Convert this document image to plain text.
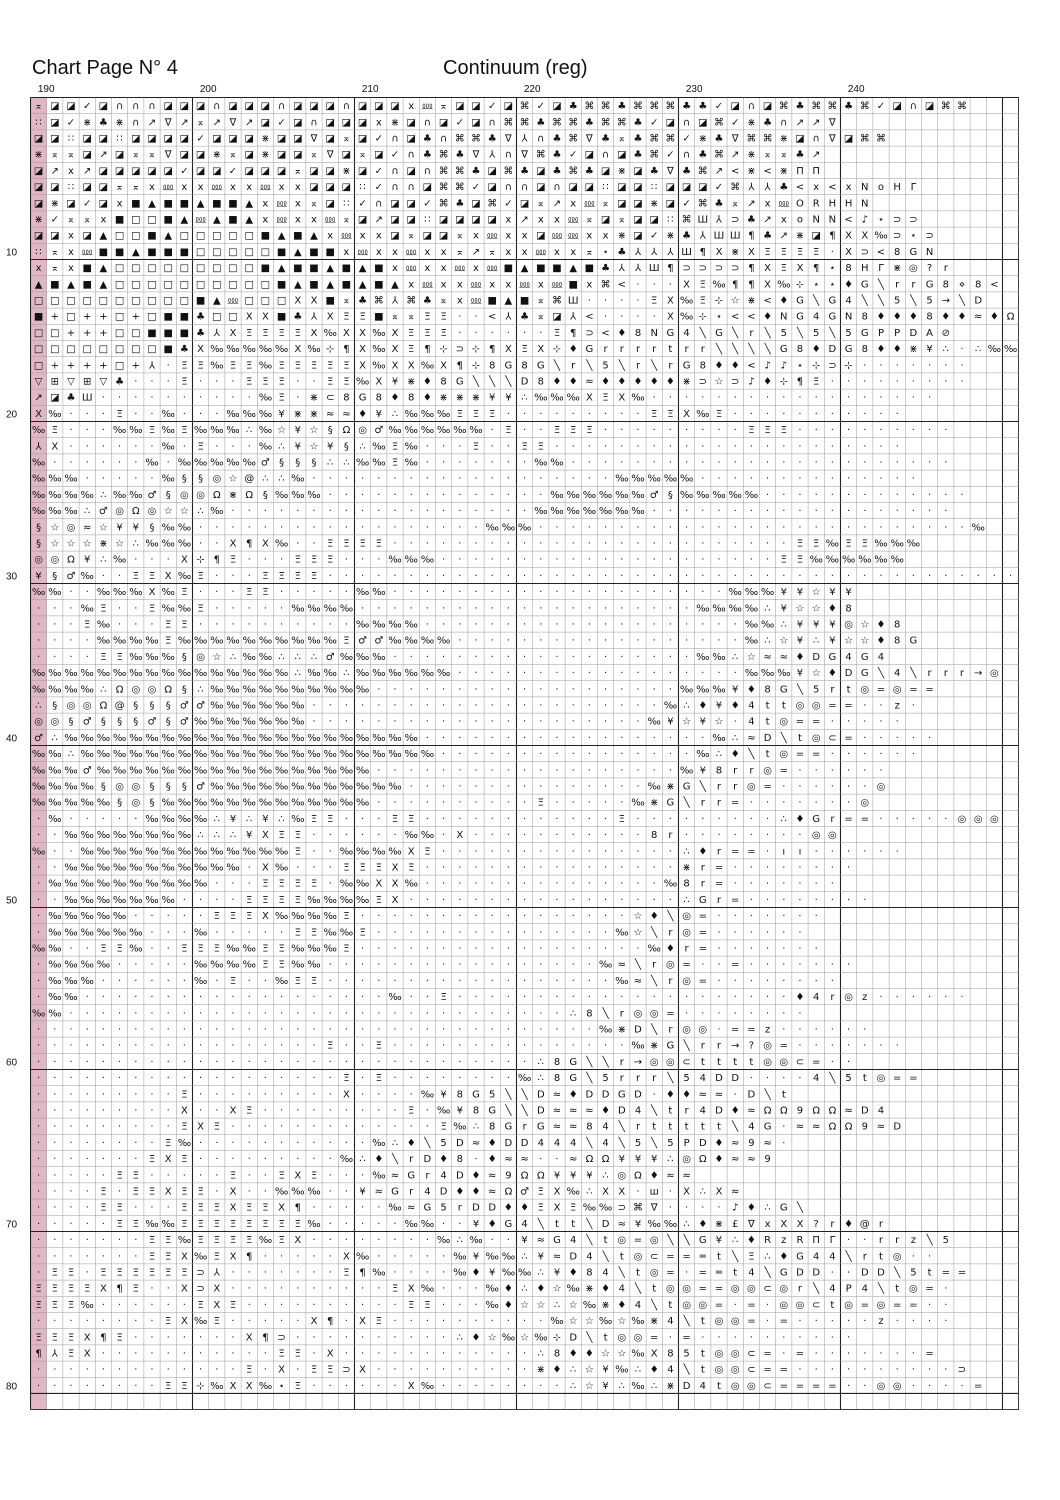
Chart Page N° 4	Continuum (reg)
190	200	210	220	230	240
10
20
30
40
50
60
70
80
⌅ ◪ ◪ ✓ ◪ ∩ ∩ ∩ ◪ ◪ ◪ ∩ ◪ ◪ ◪ ∩ ◪ ◪ ◪ ∩ ◪ ◪ ◪ ⅹ ⅏ ⌅ ◪ ◪ ✓ ◪ ⌘ ✓ ◪ ♣ ⌘ ⌘ ♣ ⌘ ⌘ ⌘ ♣ ♣ ✓ ◪ ∩ ◪ ⌘ ♣ ⌘ ⌘ ♣ ⌘ ✓ ◪ ∩ ◪ ⌘ ⌘
∷ ◪ ✓ ⋇ ♣ ⋇ ∩ ↗ ∇ ↗ ⌅ ↗ ∇ ↗ ◪ ✓ ◪ ∩ ◪ ◪ ◪ ⅹ ⋇ ◪ ∩ ◪ ✓ ◪ ∩ ⌘ ⌘ ♣ ⌘ ⌘ ♣ ⌘ ⌘ ♣ ✓ ◪ ∩ ◪ ⌘ ✓ ⋇ ♣ ∩ ↗ ↗ ∇
◪ ◪ ∷ ◪ ◪ ∷ ◪ ◪ ◪ ◪ ✓ ◪ ◪ ◪ ⋇ ◪ ◪ ∇ ◪ ⌅ ◪ ✓ ∩ ◪ ♣ ∩ ⌘ ⌘ ♣ ∇ ⅄ ∩ ♣ ⌘ ∇ ♣ ⌅ ♣ ⌘ ⌘ ✓ ⋇ ♣ ∇ ⌘ ⌘ ⋇ ◪ ∩ ∇ ◪ ⌘ ⌘
⋇ ⌅ ⌅ ◪ ↗ ◪ ⌅ ⌅ ∇ ◪ ◪ ⋇ ⌅ ◪ ⋇ ◪ ◪ ⌅ ∇ ◪ ⌅ ◪ ✓ ∩ ♣ ⌘ ♣ ∇ ⅄ ∩ ∇ ⌘ ♣ ✓ ◪ ∩ ◪ ♣ ⌘ ✓ ∩ ♣ ⌘ ↗ ⋇ ⌅ ⌅ ♣ ↗
◪ ↗ ⅹ ↗ ◪ ◪ ◪ ◪ ◪ ✓ ◪ ◪ ✓ ◪ ◪ ◪ ⌅ ◪ ◪ ⋇ ◪ ✓ ∩ ◪ ∩ ⌘ ⌘ ♣ ◪ ⌘ ♣ ◪ ♣ ⌘ ♣ ◪ ⋇ ◪ ♣ ∇ ♣ ⌘ ↗ < ⋇ < ⋇ П П
◪ ◪ ∷ ◪ ◪ ⌅ ⌅ ⅹ ⅏ ⅹ ⅹ ⅏ ⅹ ⅹ ⅏ ⅹ ⅹ ◪ ◪ ◪ ∷ ✓ ∩ ∩ ◪ ⌘ ⌘ ✓ ◪ ∩ ∩ ◪ ∩ ◪ ◪ ∷ ◪ ◪ ∷ ◪ ◪ ◪ ✓ ⌘ ⅄ ⅄ ♣ < ⅹ < ⅹ N ο H Γ
◪ ⋇ ◪ ✓ ◪ ⅹ ■ ▲ ■ ■ ▲ ■ ■ ▲ ⅹ ⅏ ⅹ ⌅ ◪ ∷ ✓ ∩ ◪ ◪ ✓ ⌘ ♣ ◪ ⌘ ✓ ◪ ⌅ ↗ ⅹ ⅏ ⌅ ◪ ◪ ⋇ ◪ ✓ ⌘ ♣ ⌅ ↗ ⅹ ⅏ O R H H N
⋇ ✓ ⌅ ⌅ ⅹ ■ □ □ ■ ▲ ⅏ ▲ ■ ▲ ⅹ ⅏ ⅹ ⅹ ⅏ ⌅ ◪ ↗ ◪ ◪ ∷ ◪ ◪ ◪ ◪ ⅹ ↗ ⅹ ⅹ ⅏ ⌅ ◪ ⌅ ◪ ◪ ∷ ⌘ Ш ⅄ ⊃ ♣ ↗ ⅹ ο N N < ♪ ⋆ ⊃ ⊃
◪ ◪ ⅹ ◪ ▲ □ □ ■ ▲ □ □ □ □ □ ■ ▲ ■ ▲ ⅹ ⅏ ⅹ ⅹ ◪ ⌅ ◪ ◪ ⌅ ⅹ ⅏ ⅹ ⅹ ◪ ⅏ ⅏ ⅹ ⅹ ⋇ ◪ ✓ ⋇ ♣ ⅄ Ш Ш ¶ ♣ ↗ ⋇ ◪ ¶ Ⅹ Ⅹ ‰ ⊃ ⋆ ⊃
∷ ⌅ ⅹ ⅏ ■ ■ ▲ ■ ■ ■ □ □ □ □ □ ■ ▲ ■ ■ ⅹ ⅏ ⅹ ⅹ ⅏ ⅹ ⅹ ⌅ ↗ ⌅ ⅹ ⅹ ⅏ ⅹ ⅹ ⌅ ⋆ ♣ ⅄ ⅄ ⅄ Ш ¶ Ⅹ ⋇ Ⅹ Ξ Ξ Ξ Ξ · Ⅹ ⊃ < 8 G N
ⅹ ⌅ ⅹ ■ ▲ □ □ □ □ □ □ □ □ □ ■ ▲ ■ ■ ▲ ■ ▲ ■ ⅹ ⅏ ⅹ ⅹ ⅏ ⅹ ⅏ ■ ▲ ■ ■ ▲ ■ ♣ ⅄ ⅄ Ш ¶ ⊃ ⊃ ⊃ ⊃ ¶ Ⅹ Ξ Ⅹ ¶ ⋆ 8 H Γ ⋇ ◎ ? r
▲ ■ ▲ ■ ▲ □ □ □ □ □ □ □ □ □ □ ■ ▲ ■ ▲ ■ ▲ ■ ▲ ⅹ ⅏ ⅹ ⅹ ⅏ ⅹ ⅹ ⅏ ⅹ ⅏ ■ ⅹ ⌘ < · · · Ⅹ Ξ ‰ ¶ ¶ Ⅹ ‰ ⊹ ⋆ ⋆ ♦ G ╲ r r G 8 ⋄ 8 <
□ □ □ □ □ □ □ □ □ □ ■ ▲ ⅏ □ □ □ Ⅹ Ⅹ ■ ⌅ ♣ ⌘ ⅄ ⌘ ♣ ⌅ ⅹ ⅏ ■ ▲ ■ ⌅ ⌘ Ш · · · · Ξ Ⅹ ‰ Ξ ⊹ ☆ ⋇ < ♦ G ╲ G 4 ╲ ╲ 5 ╲ 5 → ╲ D
■ + □ + + □ + □ ■ ■ ♣ □ □ Ⅹ Ⅹ ■ ♣ ⅄ Ⅹ Ξ Ξ ■ ⌅ ⌅ Ξ Ξ ⋅ ⋅ < ⅄ ♣ ⌅ ◪ ⅄ < · · ⋅ · Ⅹ ‰ ⊹ ⋆ < < ♦ N G 4 G N 8 ♦ ♦ ♦ 8 ♦ ♦ ≈ ♦ Ω
□ □ + + + □ □ ■ ■ ■ ♣ ⅄ Ⅹ Ξ Ξ Ξ Ξ Ⅹ ‰ Ⅹ Ⅹ ‰ Ⅹ Ξ Ξ Ξ · · · · · · Ξ ¶ ⊃ < ♦ 8 N G 4 ╲ G ╲ r ╲ 5 ╲ 5 ╲ 5 G P P D A ⊘
□ □ □ □ □ □ □ □ ■ ♣ Ⅹ ‰ ‰ ‰ ‰ ‰ Ⅹ ‰ ⊹ ¶ Ⅹ ‰ Ⅹ Ξ ¶ ⊹ ⊃ ⊹ ¶ Ⅹ Ξ Ⅹ ⊹ ♦ G r r r r t r r ╲ ╲ ╲ ╲ G 8 ♦ D G 8 ♦ ♦ ⋇ ¥ ∴ · ∴ ‰ ‰
□ + + + + □ + ⅄ · Ξ Ξ ‰ Ξ Ξ ‰ Ξ Ξ Ξ Ξ Ξ Ⅹ ‰ Ⅹ Ⅹ ‰ Ⅹ ¶ ⊹ 8 G 8 G ╲ r ╲ 5 ╲ r ╲ r G 8 ♦ ♦ < ♪ ♪ ⋆ ⊹ ⊃ ⊹ · · · · · · ·
▽ ⊞ ▽ ⊞ ▽ ♣ · · · Ξ · · · Ξ Ξ Ξ · · Ξ Ξ ‰ Ⅹ ¥ ⋇ ♦ 8 G ╲ ╲ ╲ D 8 ♦ ♦ ≈ ♦ ♦ ♦ ♦ ♦ ⋇ ⊃ ☆ ⊃ ♪ ♦ ⊹ ¶ Ξ · · · · · · · · ·
↗ ◪ ♣ Ш · · · · · · · · · · ‰ Ξ · ⋇ ⊂ 8 G 8 ♦ 8 ♦ ⋇ ⋇ ⋇ ¥ ¥ ∴ ‰ ‰ ‰ Ⅹ Ξ Ⅹ ‰ · · · · · · · · · · · · · · · · · ·
Ⅹ ‰ · · · Ξ · · ‰ · · · ‰ ‰ ‰ ¥ ⋇ ⋇ ≈ ≈ ♦ ¥ ∴ ‰ ‰ ‰ Ξ Ξ Ξ · · · · · · · · · Ξ Ξ Ⅹ ‰ Ξ · · · · · · · · · · ·
‰ Ξ · · · ‰ ‰ Ξ ‰ Ξ ‰ ‰ ‰ ∴ ‰ ☆ ¥ ☆ § Ω ◎ ♂ ‰ ‰ ‰ ‰ ‰ ‰ · Ξ · · Ξ Ξ Ξ · · · · · · · · · Ξ Ξ Ξ · · · · · · · · · ·
⅄ Ⅹ · · · · · · ‰ · Ξ · · · ‰ ∴ ¥ ☆ ¥ § ∴ ‰ Ξ ‰ · · · Ξ · · Ξ Ξ · · · · · · · · · · · · · · · · · · · · · ·
‰ · · · · · · ‰ · ‰ ‰ ‰ ‰ ‰ ♂ § § § ∴ ∴ ‰ ‰ Ξ ‰ · · · · · · · ‰ ‰ · · · · · · · · · · · · · · · · · · · · · · · ·
‰ ‰ ‰ · · · · · ‰ § § ◎ ☆ @ ∴ ∴ ‰ · · · · · · · · · · · · · · · · · · · ‰ ‰ ‰ ‰ ‰ · · · · · · · · · · · · · ·
‰ ‰ ‰ ‰ ∴ ‰ ‰ ♂ § ◎ ◎ Ω ⋇ Ω § ‰ ‰ ‰ · · · · · · · · · · · · · · ‰ ‰ ‰ ‰ ‰ ‰ ♂ § ‰ ‰ ‰ ‰ ‰ · · · · · · · · · · · · ·
‰ ‰ ‰ ∴ ♂ ◎ Ω ◎ ☆ ☆ ∴ ‰ · · · · · · · · · · · · · · · · · · · ‰ ‰ ‰ ‰ ‰ ‰ ‰ · · · · · · · · · · · · · · · · · · ·
§ ☆ ◎ ≈ ☆ ¥ ¥ § ‰ ‰ · · · · · · · · · · · · · · · · · · ‰ ‰ ‰ · · · · · · · · · · · · · · · · · · · · · · · · · · · ‰
§ ☆ ☆ ☆ ⋇ ☆ ∴ ‰ ‰ ‰ · · Ⅹ ¶ Ⅹ ‰ · · Ξ Ξ Ξ Ξ · · · · · · · · · · · · · · · · · · · · · · · · · Ξ Ξ ‰ Ξ Ξ ‰ ‰ ‰
◎ ◎ Ω ¥ ∴ ‰ · · · Ⅹ ⊹ ¶ Ξ · · · Ξ Ξ Ξ · · · ‰ ‰ ‰ · · · · · · · · · · · · · · · · · · · · · Ξ Ξ ‰ ‰ ‰ ‰ ‰ ‰
¥ § ♂ ‰ · · Ξ Ξ Ⅹ ‰ Ξ · · · Ξ Ξ Ξ Ξ · · · · · · · · · · · · · · · · · · · · · · · · · · · · · · · · · · · · · · · · · · ·
‰ ‰ · · ‰ ‰ ‰ Ⅹ ‰ Ξ · · · Ξ Ξ · · · · · ‰ ‰ · · · · · · · · · · · · · · · · · · · · · ‰ ‰ ‰ ¥ ¥ ☆ ¥ ¥
· · · ‰ Ξ · · Ξ ‰ ‰ Ξ · · · · · ‰ ‰ ‰ ‰ · · · · · · · · · · · · · · · · · · · · · ‰ ‰ ‰ ‰ ∴ ¥ ☆ ☆ ♦ 8
· · · Ξ ‰ · · · Ξ Ξ · · · · · · · · · · ‰ ‰ ‰ ‰ · · · · · · · · · · · · · · · · · · · · ‰ ‰ ∴ ¥ ¥ ¥ ◎ ☆ ♦ 8
· · · · ‰ ‰ ‰ ‰ Ξ ‰ ‰ ‰ ‰ ‰ ‰ ‰ ‰ ‰ ‰ Ξ ♂ ♂ ‰ ‰ ‰ ‰ · · · · · · · · · · · · · · · · · · ‰ ∴ ☆ ¥ ∴ ¥ ☆ ☆ ♦ 8 G
· · · · Ξ Ξ ‰ ‰ ‰ § ◎ ☆ ∴ ‰ ‰ ∴ ∴ ∴ ♂ ‰ ‰ ‰ · · · · · · · · · · · · · · · · · · · ‰ ‰ ∴ ☆ ≈ ≈ ♦ D G 4 G 4
‰ ‰ ‰ ‰ ‰ ‰ ‰ ‰ ‰ ‰ ‰ ‰ ‰ ‰ ‰ ‰ ∴ ‰ ‰ ∴ ‰ ‰ ‰ ‰ ‰ ‰ · · · · · · · · · · · · · · · · · · ‰ ‰ ‰ ¥ ☆ ♦ D G ╲ 4 ╲ r r r → ◎
‰ ‰ ‰ ‰ ∴ Ω ◎ ◎ Ω § ∴ ‰ ‰ ‰ ‰ ‰ ‰ ‰ ‰ ‰ ‰ · · · · · · · · · · · · · · · · · · · ‰ ‰ ‰ ¥ ♦ 8 G ╲ 5 r t ◎ = ◎ = =
∴ § ◎ ◎ Ω @ § § § ♂ ♂ ‰ ‰ ‰ ‰ ‰ ‰ · · · · · · · · · · · · · · · · · · · · · · ‰ ∴ ♦ ¥ ♦ 4 t t ◎ ◎ = = · · z ·
◎ ◎ § ♂ § § § ♂ § ♂ ‰ ‰ ‰ ‰ ‰ ‰ ‰ · · · · · · · · · · · · · · · · · · · · · ‰ ¥ ☆ ¥ ☆ ⋅ 4 t ◎ = = · · ⋅ · ·
♂ ∴ ‰ ‰ ‰ ‰ ‰ ‰ ‰ ‰ ‰ ‰ ‰ ‰ ‰ ‰ ‰ ‰ ‰ ‰ ‰ ‰ ‰ ‰ · · · · · · · · · · · · · · · · · · ‰ ∴ ≈ D ╲ t ◎ ⊂ = · ⋅ · ⋅ ·
‰ ‰ ∴ ‰ ‰ ‰ ‰ ‰ ‰ ‰ ‰ ‰ ‰ ‰ ‰ ‰ ‰ ‰ ‰ ‰ ‰ ‰ ‰ ‰ ‰ · · · · · · · · · · · · · · · · ‰ ∴ ♦ ╲ t ◎ = = · · ⋅ · · ⋅
‰ ‰ ‰ ♂ ‰ ‰ ‰ ‰ ‰ ‰ ‰ ‰ ‰ ‰ ‰ ‰ ‰ ‰ ‰ ‰ ‰ · · · · · · · · · · · · · · · · · · · ‰ ¥ 8 r r ◎ = · · ⋅ · ⋅ ·
‰ ‰ ‰ ‰ § ◎ ◎ § § § ♂ ‰ ‰ ‰ ‰ ‰ ‰ ‰ ‰ ‰ ‰ ‰ ‰ · · · · · · · · · · · · · · · ‰ ⋇ G ╲ r r ◎ = · · ⋅ · ⋅ · ◎
‰ ‰ ‰ ‰ ‰ § ◎ § ‰ ‰ ‰ ‰ ‰ ‰ ‰ ‰ ‰ ‰ ‰ ‰ ‰ · · · · · · · · · · Ξ · · · · · ‰ ⋇ G ╲ r r = · · · · ⋅ · · ◎
· ‰ · · · · · ‰ ‰ ‰ ‰ ∴ ¥ ∴ ¥ ∴ ‰ Ξ Ξ · · · Ξ Ξ · · · · · · · · · · · · Ξ · · · · · · · · · ∴ ♦ G r = = · · ⋅ · · ◎ ◎ ◎
· · ‰ ‰ ‰ ‰ ‰ ‰ ‰ ‰ ∴ ∴ ∴ ¥ Ⅹ Ξ Ξ · · · · · · ‰ ‰ · Ⅹ · · · · · · · · · · · 8 r · · · ⋅ · · ⋅ · ◎ ◎
‰ · · ‰ ‰ ‰ ‰ ‰ ‰ ‰ ‰ ‰ ‰ ‰ ‰ ‰ Ξ · · ‰ ‰ ‰ ‰ Ⅹ Ξ · · · · · · · · · · · · · · · ∴ ♦ r = = · ı ı · ⋅ · · ⋅ ·
· · ‰ ‰ ‰ ‰ ‰ ‰ ‰ ‰ ‰ ‰ ‰ · Ⅹ ‰ · · · Ξ Ξ Ξ Ⅹ Ξ · · · · · · · · · · · · · · · · ⋇ r = · · · ⋅ · · ⋅ ·
· ‰ ‰ ‰ ‰ ‰ ‰ ‰ ‰ ‰ ‰ · · · Ξ Ξ Ξ Ξ · ‰ ‰ Ⅹ Ⅹ ‰ · · · · · · · · · · · · · · · ‰ 8 r = · · ⋅ · · ⋅ ·
· · ‰ ‰ ‰ ‰ ‰ ‰ ‰ · · · · Ξ Ξ Ξ Ξ ‰ ‰ ‰ ‰ Ξ Ⅹ · · · · · · · · · · · · · · · · · ∴ G r = · · · ⋅ · · ⋅ ·
· ‰ ‰ ‰ ‰ ‰ · · · · · Ξ Ξ Ξ Ⅹ ‰ ‰ ‰ ‰ Ξ · · · · · · · · · · · · · · · · · ☆ ♦ ╲ ◎ = · · ⋅ · · ⋅ ·
· ‰ ‰ ‰ ‰ ‰ ‰ · · · ‰ · · · · · Ξ Ξ ‰ ‰ Ξ · · · · · · · · · · · · · · · ‰ ☆ ╲ r ◎ = · ⋅ · · ⋅ ·
‰ ‰ · · Ξ Ξ ‰ · · Ξ Ξ Ξ ‰ ‰ Ξ Ξ ‰ ‰ ‰ Ξ · · · · · · · · · · · · · · · · · · ‰ ♦ r = · · ⋅ · · ⋅ ·
· ‰ ‰ ‰ ‰ · · · · · ‰ ‰ ‰ ‰ Ξ Ξ ‰ ‰ · · · · · · · · · · · · · · · · · ‰ ≈ ╲ r ◎ = · · = · · ⋅ · · ⋅ ·
· ‰ ‰ ‰ · · · · · · ‰ · Ξ · · ‰ Ξ Ξ · · · · · · · · · · · · · · · · · · ‰ ≈ ╲ r ◎ = · · ⋅ · · · ⋅ ·
· ‰ ‰ · · · · · · · · · · · · · · · · · · · ‰ · · Ξ · · · · · · · · · · · · · · · · · · · · · ♦ 4 r ◎ z · ⋅ · · ⋅ ·
‰ ‰ · · · · · · · · · · · · · · · · · · · · · · · · · · · · · · · ∴ 8 ╲ r ◎ ◎ = · · · ⋅ · · ⋅ ·
· · · · · · · · · · · · · · · · · · · · · · · · · · · · · · · · · · · ‰ ⋇ D ╲ r ◎ ◎ · = = z · ⋅ · · ⋅ ·
· · · · · · · · · · · · · · · · · · Ξ · · Ξ · · · · · · · · · · · · · · · ‰ ⋇ G ╲ r r → ? ◎ = · · ⋅ · · ⋅ ·
· · · · · · · · · · · · · · · · · · · · · · · · · · · · · · · ∴ 8 G ╲ ╲ r → ◎ ◎ ⊂ t t t t ◎ ◎ ⊂ = · ·
· · · · · · · · · · · · · · · · · · · Ξ · Ξ · · · · · · · · ‰ ∴ 8 G ╲ 5 r r r ╲ 5 4 D D ⋅ ⋅ ⋅ ⋅ 4 ╲ 5 t ◎ = =
· · · · · · · · · Ξ · · · · · · · · · Ⅹ · · · · ‰ ¥ 8 G 5 ╲ ╲ D ≈ ♦ D D G D ⋅ ♦ ♦ ≈ ≈ ⋅ D ╲ t
· · · · · · · · · Ⅹ · · Ⅹ Ξ · · · · · · · · · Ξ · ‰ ¥ 8 G ╲ ╲ D ≈ ≈ ≈ ♦ D 4 ╲ t r 4 D ♦ ≈ Ω Ω 9 Ω Ω ≈ D 4
· · · · · · · · · Ξ Ⅹ Ξ · · · · · · · · · · · · · Ξ ‰ ∴ 8 G r G ≈ ≈ 8 4 ╲ r t t t t t ╲ 4 G ⋅ ≈ ≈ Ω Ω 9 ≈ D
· · · · · · · · Ξ ‰ · · · · · · · · · · · ‰ ∴ ♦ ╲ 5 D ≈ ♦ D D 4 4 4 ╲ 4 ╲ 5 ╲ 5 P D ♦ ≈ 9 ≈ ⋅
· · · · · · · Ξ Ⅹ Ξ · · · · · · · · · ‰ ∴ ♦ ╲ r D ♦ 8 ⋅ ♦ ≈ ≈ ⋅ ⋅ ≈ Ω Ω ¥ ¥ ¥ ∴ ◎ Ω ♦ ≈ ≈ 9
· · · · · Ξ Ξ · · · · · Ξ · · Ξ Ⅹ Ξ · · · ‰ ≈ G r 4 D ♦ ≈ 9 Ω Ω ¥ ¥ ¥ ∴ ◎ Ω ♦ ≈ ≈
· · · · Ξ · Ξ Ξ Ⅹ Ξ Ξ · Ⅹ · · ‰ ‰ ‰ · · ¥ ≈ G r 4 D ♦ ♦ ≈ Ω ♂ Ξ Ⅹ ‰ ∴ Ⅹ Ⅹ · ш · Ⅹ ∴ Ⅹ ≈
· · · · Ξ Ξ · · · Ξ Ξ Ξ Ⅹ Ξ Ξ Ⅹ ¶ · · · · · ‰ ≈ G 5 r D D ♦ ♦ Ξ Ⅹ Ξ ‰ ‰ ⊃ ⌘ ∇ · · ⋅ · ♪ ♦ ∴ G ╲
· · · · · Ξ Ξ ‰ ‰ Ξ Ξ Ξ Ξ Ξ Ξ Ξ Ξ ‰ · · · · · ‰ ‰ · · ¥ ♦ G 4 ╲ t t ╲ D ≈ ¥ ‰ ‰ ∴ ♦ ⋇ £ ∇ ⅹ Ⅹ Ⅹ ? r ♦ @ r
· · · · · · · Ξ Ξ ‰ Ξ Ξ Ξ Ξ ‰ Ξ Ⅹ · · · · · · · · ‰ ∴ ‰ · · ¥ ≈ G 4 ╲ t ◎ = ◎ ╲ ╲ G ¥ ∴ ♦ R z R П Γ · · r r z ╲ 5
· · · · · · · Ξ Ξ Ⅹ ‰ Ξ Ⅹ ¶ · · · · · Ⅹ ‰ · · · · · ‰ ¥ ‰ ‰ ∴ ¥ ≈ D 4 ╲ t ◎ ⊂ = = ═ t ╲ Ξ ∴ ♦ G 4 4 ╲ r t ◎ · ·
· Ξ Ξ · Ξ Ξ Ξ Ξ Ξ Ξ ⊃ ⅄ · · · · · · · Ξ ¶ ‰ · · · · ‰ ♦ ¥ ‰ ‰ ∴ ¥ ♦ 8 4 ╲ t ◎ = · = ═ t 4 ╲ G D D ⋅ ⋅ D D ╲ 5 t = =
Ξ Ξ Ξ Ξ Ⅹ ¶ Ξ · · Ⅹ ⊃ Ⅹ · · · · · · · · · · Ξ Ⅹ ‰ · · · ‰ ♦ ∴ ♦ ☆ ‰ ⋇ ♦ 4 ╲ t ◎ ◎ = = ◎ ◎ ⊂ ◎ r ╲ 4 P 4 ╲ t ◎ = ·
Ξ Ξ Ξ ‰ · · · · · · Ξ Ⅹ Ξ · · · · · · · · · · Ξ Ξ · · · ‰ ♦ ☆ ☆ ∴ ☆ ‰ ⋇ ♦ 4 ╲ t ◎ ◎ = · = · ◎ ◎ ⊂ t ◎ = ◎ = = · ·
· · · · · · · · Ξ Ⅹ ‰ Ξ · · · · · Ⅹ ¶ · Ⅹ Ξ · · · · · · · · · · ‰ ☆ ☆ ‰ ☆ ‰ ⋇ 4 ╲ t ◎ ◎ = · = · · ⋅ · · z · · ⋅ ·
Ξ Ξ Ξ Ⅹ ¶ Ξ · · · · · · · Ⅹ ¶ ⊃ · · · · · · · · · · ∴ ♦ ☆ ‰ ☆ ‰ ⊹ D ╲ t ◎ ◎ = · = · · ⋅ · · ⋅ · · ⋅ ·
¶ ⅄ Ξ Ⅹ · · · · · · · · · · · Ξ Ξ · Ⅹ · · · · · · · · · · · · ∴ 8 ♦ ♦ ☆ ☆ ‰ Ⅹ 8 5 t ◎ ◎ ⊂ = · = · · ⋅ · · ⋅ · =
· · · · · · · · · · · · · Ξ · Ⅹ · Ξ Ξ ⊃ Ⅹ · · · · · · · · · · ⋇ ♦ ∴ ☆ ¥ ‰ ∴ ♦ 4 ╲ t ◎ ◎ ⊂ = = · · · · · ⋅ · · ⋅ · ⊃
· · · · · · · · Ξ Ξ ⊹ ‰ Ⅹ Ⅹ ‰ ⋆ Ξ · · · · · · Ⅹ ‰ · · · · · · · · ∴ ☆ ¥ ∴ ‰ ∴ ⋇ D 4 t ◎ ◎ ⊂ = = = = · · ◎ ◎ ⋅ · · ⋅ =
